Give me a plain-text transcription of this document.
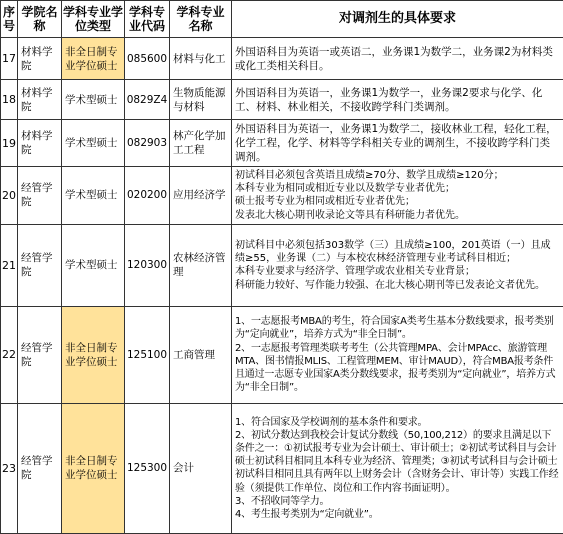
序号	学院名称	学科专业学位类型	学科专业代码	学科专业名称	对调剂生的具体要求
17	材料学院	非全日制专业学位硕士	085600	材料与化工	外国语科目为英语一或英语二，业务课1为数学二，业务课2为材料类或化工类相关科目。

18	材料学院	学术型硕士	0829Z4	生物质能源与材料	外国语科目为英语一，业务课1为数学一，业务课2要求与化学、化工、材料、林业相关，不接收跨学科门类调剂。

19	材料学院	学术型硕士	082903	林产化学加工工程	外国语科目为英语一，业务课1为数学二，接收林业工程，轻化工程，化学工程，化学、材料等学科相关专业的调剂生，不接收跨学科门类调剂。

20	经管学院	学术型硕士	020200	应用经济学	初试科目必须包含英语且成绩≥70分、数学且成绩≥120分；
本科专业为相同或相近专业以及数学专业者优先；
硕士报考专业为相同或相近专业者优先；
发表北大核心期刊收录论文等具有科研能力者优先。

21	经管学院	学术型硕士	120300	农林经济管理	初试科目中必须包括303数学（三）且成绩≥100，201英语（一）且成绩≥55，业务课（二）与本校农林经济管理专业考试科目相近；
本科专业要求与经济学、管理学或农业相关专业背景；
科研能力较好、写作能力较强、在北大核心期刊等已发表论文者优先。

22	经管学院	非全日制专业学位硕士	125100	工商管理	1、一志愿报考MBA的考生，符合国家A类考生基本分数线要求，报考类别为“定向就业”，培养方式为“非全日制”。
2、一志愿报考管理类联考考生（公共管理MPA、会计MPAcc、旅游管理MTA、图书情报MLIS、工程管理MEM、审计MAUD），符合MBA报考条件且通过一志愿专业国家A类分数线要求，报考类别为“定向就业”，培养方式为“非全日制”。

23	经管学院	非全日制专业学位硕士	125300	会计	1、符合国家及学校调剂的基本条件和要求。
2、初试分数达到我校会计复试分数线（50,100,212）的要求且满足以下条件之一：①初试报考专业为会计硕士、审计硕士；②初试考试科目与会计硕士初试科目相同且本科专业为经济、管理类；③初试考试科目与会计硕士初试科目相同且具有两年以上财务会计（含财务会计、审计等）实践工作经验（须提供工作单位、岗位和工作内容书面证明）。
3、不招收同等学力。
4、考生报考类别为“定向就业”。
